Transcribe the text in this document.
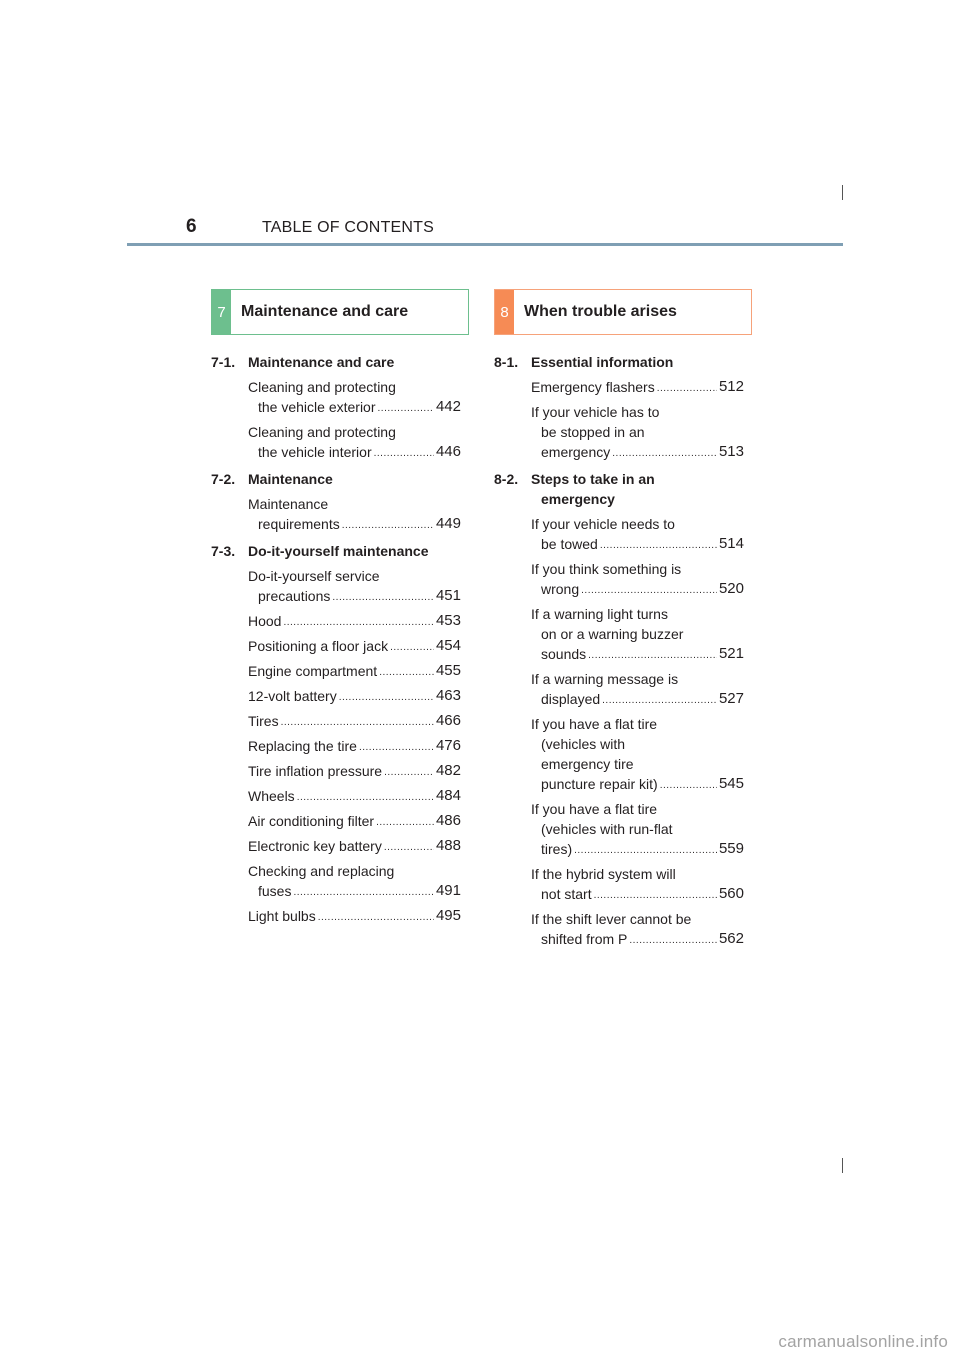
6	TABLE OF CONTENTS
7 Maintenance and care	8 When trouble arises
7-1. Maintenance and care
Cleaning and protecting
the vehicle exterior .....	442
Cleaning and protecting
the vehicle interior .....	446
7-2. Maintenance
Maintenance
requirements .....	449
7-3. Do-it-yourself maintenance
Do-it-yourself service
precautions .....	451
Hood .....	453
Positioning a floor jack .....	454
Engine compartment .....	455
12-volt battery .....	463
Tires .....	466
Replacing the tire .....	476
Tire inflation pressure .....	482
Wheels .....	484
Air conditioning filter .....	486
Electronic key battery .....	488
Checking and replacing
fuses .....	491
Light bulbs .....	495
8-1. Essential information
Emergency flashers .....	512
If your vehicle has to
be stopped in an
emergency .....	513
8-2. Steps to take in an
emergency
If your vehicle needs to
be towed .....	514
If you think something is
wrong .....	520
If a warning light turns
on or a warning buzzer
sounds .....	521
If a warning message is
displayed .....	527
If you have a flat tire
(vehicles with
emergency tire
puncture repair kit) .....	545
If you have a flat tire
(vehicles with run-flat
tires) .....	559
If the hybrid system will
not start .....	560
If the shift lever cannot be
shifted from P .....	562
carmanualsonline.info
